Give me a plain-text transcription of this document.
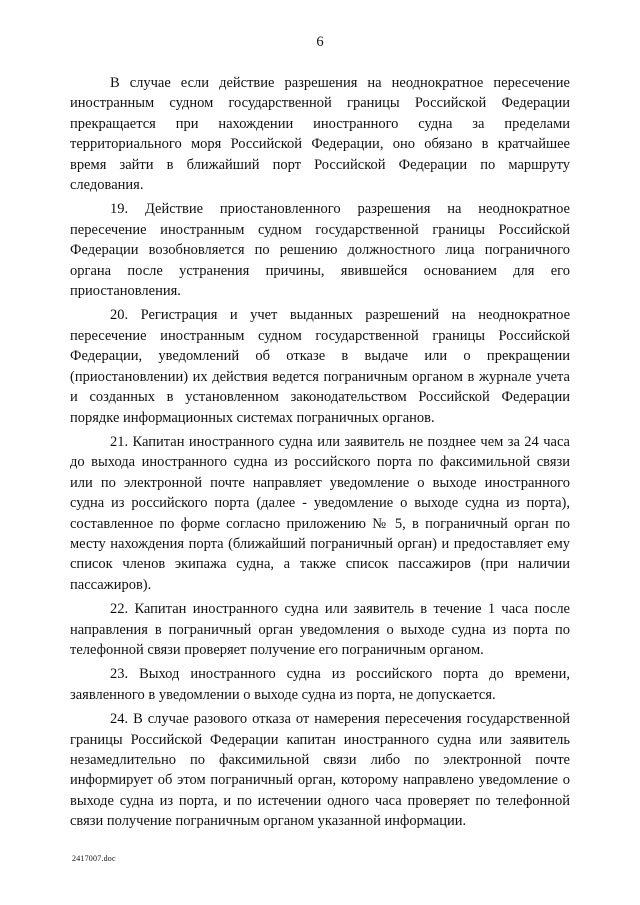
6

В случае если действие разрешения на неоднократное пересечение иностранным судном государственной границы Российской Федерации прекращается при нахождении иностранного судна за пределами территориального моря Российской Федерации, оно обязано в кратчайшее время зайти в ближайший порт Российской Федерации по маршруту следования.

19. Действие приостановленного разрешения на неоднократное пересечение иностранным судном государственной границы Российской Федерации возобновляется по решению должностного лица пограничного органа после устранения причины, явившейся основанием для его приостановления.

20. Регистрация и учет выданных разрешений на неоднократное пересечение иностранным судном государственной границы Российской Федерации, уведомлений об отказе в выдаче или о прекращении (приостановлении) их действия ведется пограничным органом в журнале учета и созданных в установленном законодательством Российской Федерации порядке информационных системах пограничных органов.

21. Капитан иностранного судна или заявитель не позднее чем за 24 часа до выхода иностранного судна из российского порта по факсимильной связи или по электронной почте направляет уведомление о выходе иностранного судна из российского порта (далее - уведомление о выходе судна из порта), составленное по форме согласно приложению № 5, в пограничный орган по месту нахождения порта (ближайший пограничный орган) и предоставляет ему список членов экипажа судна, а также список пассажиров (при наличии пассажиров).

22. Капитан иностранного судна или заявитель в течение 1 часа после направления в пограничный орган уведомления о выходе судна из порта по телефонной связи проверяет получение его пограничным органом.

23. Выход иностранного судна из российского порта до времени, заявленного в уведомлении о выходе судна из порта, не допускается.

24. В случае разового отказа от намерения пересечения государственной границы Российской Федерации капитан иностранного судна или заявитель незамедлительно по факсимильной связи либо по электронной почте информирует об этом пограничный орган, которому направлено уведомление о выходе судна из порта, и по истечении одного часа проверяет по телефонной связи получение пограничным органом указанной информации.

2417007.doc
